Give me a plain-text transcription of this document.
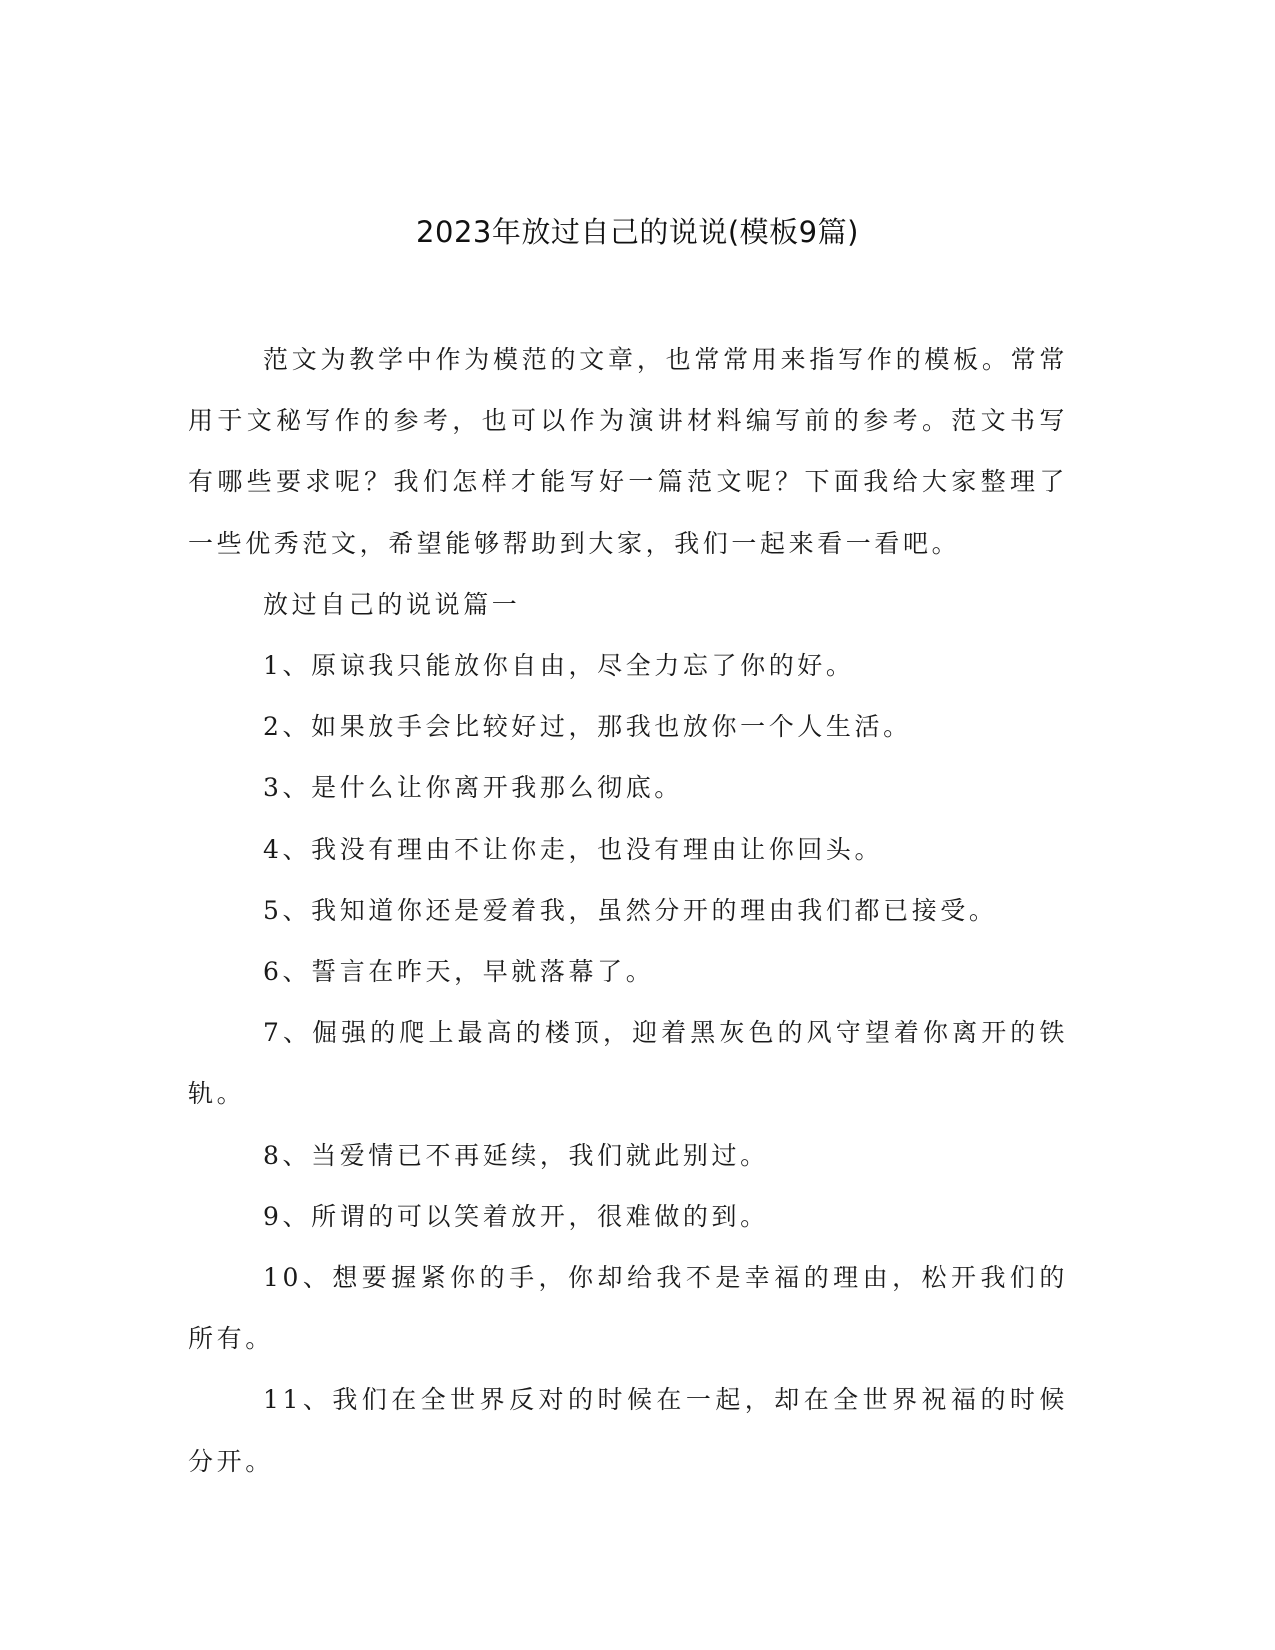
2023年放过自己的说说(模板9篇)

范文为教学中作为模范的文章，也常常用来指写作的模板。常常用于文秘写作的参考，也可以作为演讲材料编写前的参考。范文书写有哪些要求呢？我们怎样才能写好一篇范文呢？下面我给大家整理了一些优秀范文，希望能够帮助到大家，我们一起来看一看吧。

放过自己的说说篇一

1、原谅我只能放你自由，尽全力忘了你的好。

2、如果放手会比较好过，那我也放你一个人生活。

3、是什么让你离开我那么彻底。

4、我没有理由不让你走，也没有理由让你回头。

5、我知道你还是爱着我，虽然分开的理由我们都已接受。

6、誓言在昨天，早就落幕了。

7、倔强的爬上最高的楼顶，迎着黑灰色的风守望着你离开的铁轨。

8、当爱情已不再延续，我们就此别过。

9、所谓的可以笑着放开，很难做的到。

10、想要握紧你的手，你却给我不是幸福的理由，松开我们的所有。

11、我们在全世界反对的时候在一起，却在全世界祝福的时候分开。
